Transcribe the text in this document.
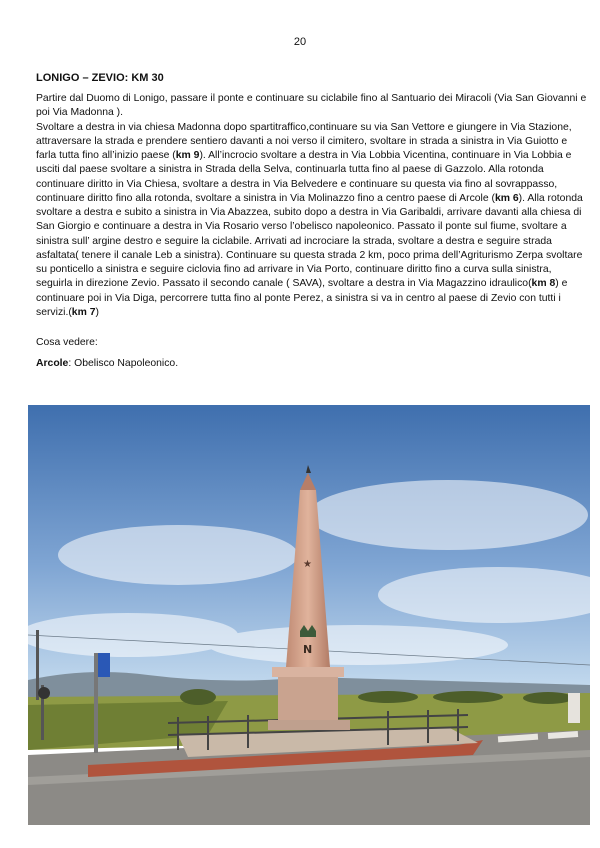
20
LONIGO – ZEVIO: KM 30

Partire dal Duomo di Lonigo, passare il ponte e continuare su ciclabile fino al Santuario dei Miracoli (Via San Giovanni e poi Via Madonna ).

Svoltare a destra in via chiesa Madonna dopo spartitraffico,continuare su via San Vettore e giungere in Via Stazione, attraversare la strada e prendere sentiero davanti a noi verso il cimitero, svoltare in strada a sinistra in Via Guiotto e farla tutta fino all’inizio paese (km 9). All’incrocio svoltare a destra in Via Lobbia Vicentina, continuare in Via Lobbia e usciti dal paese svoltare a sinistra in Strada della Selva, continuarla tutta fino al paese di Gazzolo. Alla rotonda continuare diritto in Via Chiesa, svoltare a destra in Via Belvedere e continuare su questa via fino al sovrappasso, continuare diritto fino alla rotonda, svoltare a sinistra in Via Molinazzo fino a centro paese di Arcole (km 6). Alla rotonda svoltare a destra e subito a sinistra in Via Abazzea, subito dopo a destra in Via Garibaldi, arrivare davanti alla chiesa di San Giorgio e continuare a destra in Via Rosario verso l’obelisco napoleonico. Passato il ponte sul fiume, svoltare a sinistra sull’ argine destro e seguire la ciclabile. Arrivati ad incrociare la strada, svoltare a destra e seguire strada asfaltata( tenere il canale Leb a sinistra). Continuare su questa strada 2 km, poco prima dell’Agriturismo Zerpa svoltare su ponticello a sinistra e seguire ciclovia fino ad arrivare in Via Porto, continuare diritto fino a curva sulla sinistra, seguirla in direzione Zevio. Passato il secondo canale ( SAVA), svoltare a destra in Via Magazzino idraulico(km 8) e continuare poi in Via Diga, percorrere tutta fino al ponte Perez, a sinistra si va in centro al paese di Zevio con tutti i servizi.(km 7)

Cosa vedere:
Arcole: Obelisco Napoleonico.
★
N
